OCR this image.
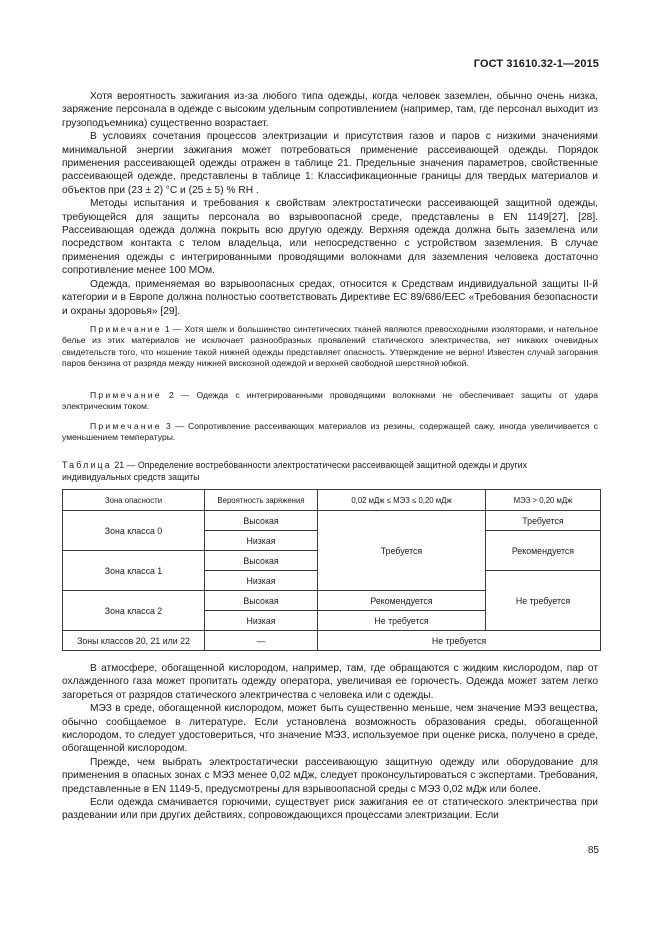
ГОСТ 31610.32-1—2015

Хотя вероятность зажигания из-за любого типа одежды, когда человек заземлен, обычно очень низка, заряжение персонала в одежде с высоким удельным сопротивлением (например, там, где персонал выходит из грузоподъемника) существенно возрастает.

В условиях сочетания процессов электризации и присутствия газов и паров с низкими значениями минимальной энергии зажигания может потребоваться применение рассеивающей одежды. Порядок применения рассеивающей одежды отражен в таблице 21. Предельные значения параметров, свойственные рассеивающей одежде, представлены в таблице 1: Классификационные границы для твердых материалов и объектов при (23 ± 2) °С и (25 ± 5) % RH .

Методы испытания и требования к свойствам электростатически рассеивающей защитной одежды, требующейся для защиты персонала во взрывоопасной среде, представлены в EN 1149[27], [28]. Рассеивающая одежда должна покрыть всю другую одежду. Верхняя одежда должна быть заземлена или посредством контакта с телом владельца, или непосредственно с устройством заземления. В случае применения одежды с интегрированными проводящими волокнами для заземления человека достаточно сопротивление менее 100 МОм.

Одежда, применяемая во взрывоопасных средах, относится к Средствам индивидуальной защиты II-й категории и в Европе должна полностью соответствовать Директиве ЕС 89/686/EEC «Требования безопасности и охраны здоровья» [29].

Примечание 1 — Хотя шелк и большинство синтетических тканей являются превосходными изоляторами, и нательное белье из этих материалов не исключает разнообразных проявлений статического электричества, нет никаких очевидных свидетельств того, что ношение такой нижней одежды представляет опасность. Утверждение не верно! Известен случай загорания паров бензина от разряда между нижней вискозной одеждой и верхней свободной шерстяной юбкой.

Примечание 2 — Одежда с интегрированными проводящими волокнами не обеспечивает защиты от удара электрическим током.

Примечание 3 — Сопротивление рассеивающих материалов из резины, содержащей сажу, иногда увеличивается с уменьшением температуры.

Таблица 21 — Определение востребованности электростатически рассеивающей защитной одежды и других индивидуальных средств защиты
Зона опасности	Вероятность заряжения	0,02 мДж ≤ МЭЗ ≤ 0,20 мДж	МЭЗ > 0,20 мДж
Зона класса 0	Высокая	Требуется	Требуется
	Низкая		Рекомендуется
Зона класса 1	Высокая		
	Низкая		Не требуется
Зона класса 2	Высокая	Рекомендуется	
	Низкая	Не требуется	
Зоны классов 20, 21 или 22	—	Не требуется	

В атмосфере, обогащенной кислородом, например, там, где обращаются с жидким кислородом, пар от охлажденного газа может пропитать одежду оператора, увеличивая ее горючесть. Одежда может затем легко загореться от разрядов статического электричества с человека или с одежды.

МЭЗ в среде, обогащенной кислородом, может быть существенно меньше, чем значение МЭЗ вещества, обычно сообщаемое в литературе. Если установлена возможность образования среды, обогащенной кислородом, то следует удостовериться, что значение МЭЗ, используемое при оценке риска, получено в среде, обогащенной кислородом.

Прежде, чем выбрать электростатически рассеивающую защитную одежду или оборудование для применения в опасных зонах с МЭЗ менее 0,02 мДж, следует проконсультироваться с экспертами. Требования, представленные в EN 1149-5, предусмотрены для взрывоопасной среды с МЭЗ 0,02 мДж или более.

Если одежда смачивается горючими, существует риск зажигания ее от статического электричества при раздевании или при других действиях, сопровождающихся процессами электризации. Если

85
